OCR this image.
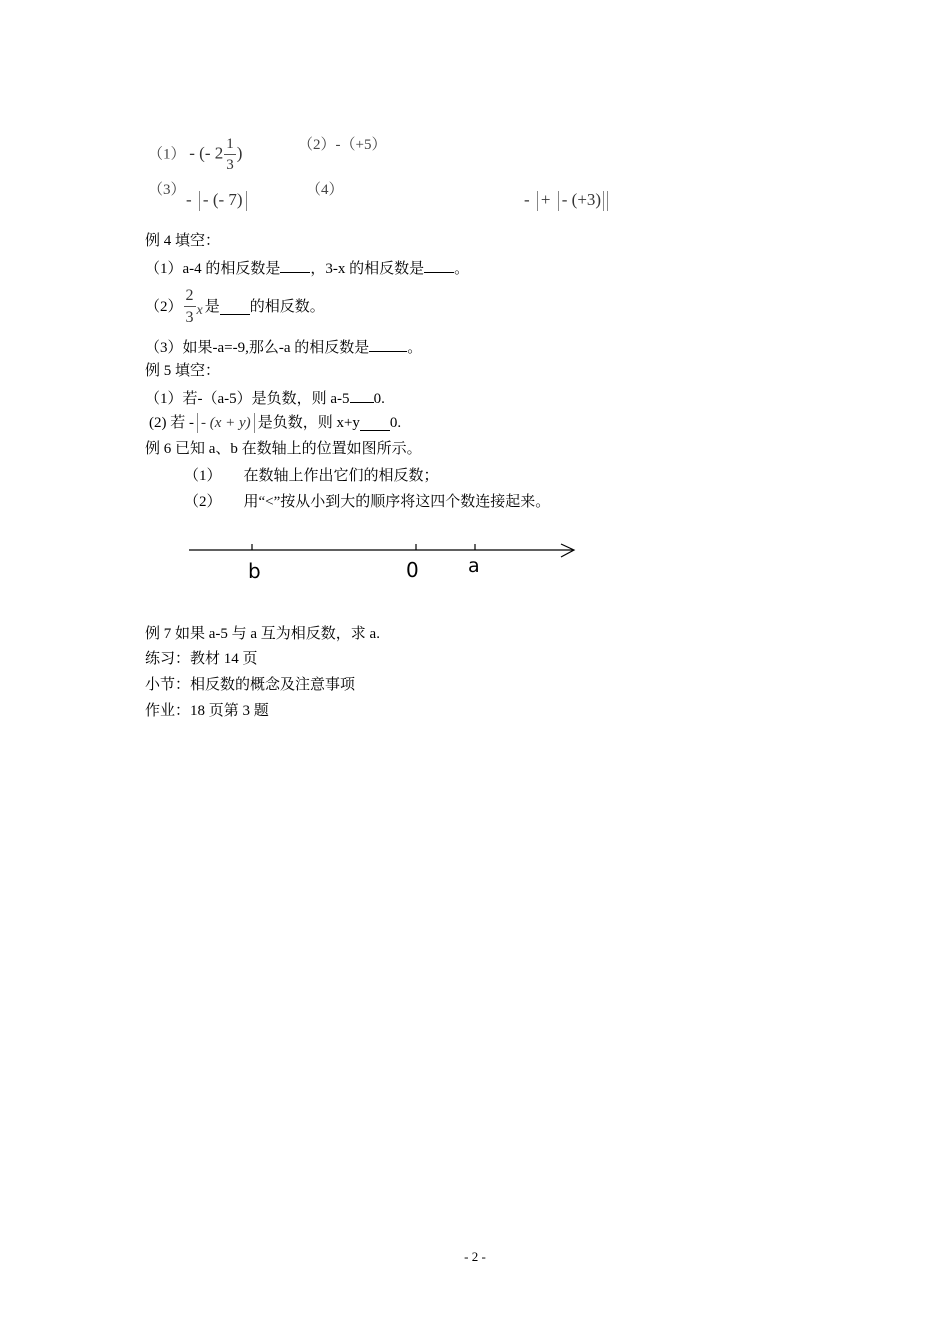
（1） - (- $2 \frac{1}{3}$ )	（2）-（+5）
（3） - - (- 7)	（4）	- + - (+3)
例 4 填空：
（1）a-4 的相反数是 ，3-x 的相反数是 。
$(2) \frac{2}{3}$ x 是 的相反数。
（3）如果-a=-9,那么-a 的相反数是	。
例 5 填空：
（1）若-（a-5）是负数，则 a-5 0.
(2) 若 - - (x + y) 是负数，则 x+y 0.
例 6 已知 a、b 在数轴上的位置如图所示。
（1） 在数轴上作出它们的相反数；
（2） 用“<”按从小到大的顺序将这四个数连接起来。
b	0	a
例 7 如果 a-5 与 a 互为相反数，求 a.
练习：教材 14 页
小节：相反数的概念及注意事项
作业：18 页第 3 题
- 2 -
